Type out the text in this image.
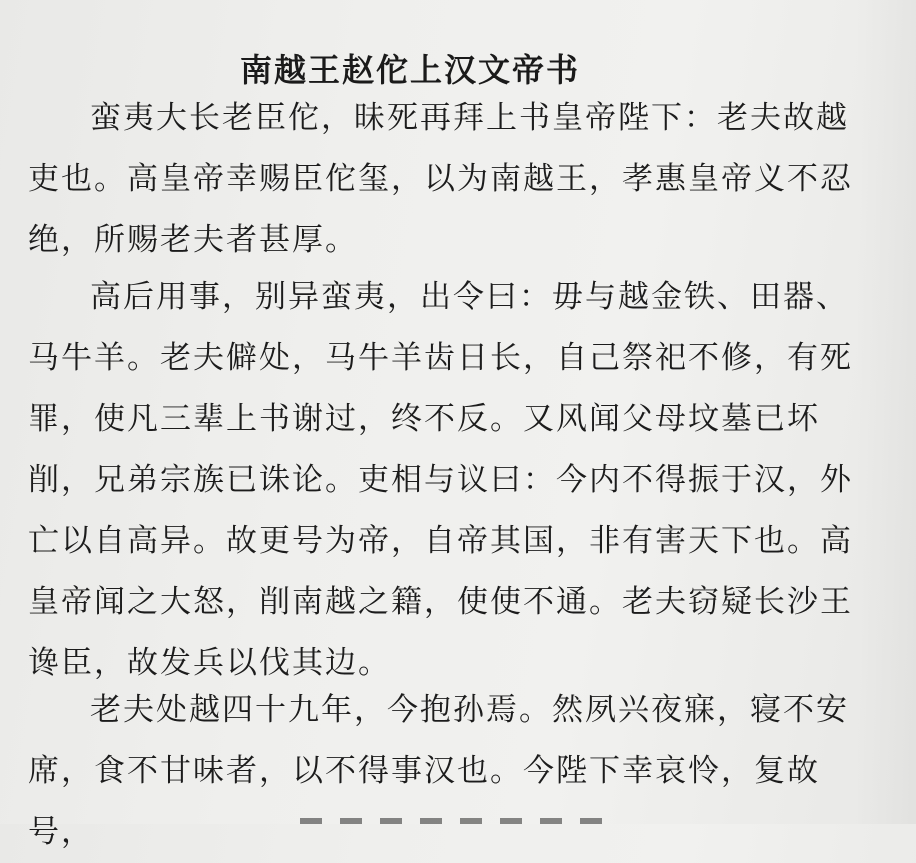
南越王赵佗上汉文帝书

蛮夷大长老臣佗，昧死再拜上书皇帝陛下：老夫故越吏也。高皇帝幸赐臣佗玺，以为南越王，孝惠皇帝义不忍绝，所赐老夫者甚厚。

高后用事，别异蛮夷，出令曰：毋与越金铁、田器、马牛羊。老夫僻处，马牛羊齿日长，自己祭祀不修，有死罪，使凡三辈上书谢过，终不反。又风闻父母坟墓已坏削，兄弟宗族已诛论。吏相与议曰：今内不得振于汉，外亡以自高异。故更号为帝，自帝其国，非有害天下也。高皇帝闻之大怒，削南越之籍，使使不通。老夫窃疑长沙王谗臣，故发兵以伐其边。

老夫处越四十九年，今抱孙焉。然夙兴夜寐，寝不安席，食不甘味者，以不得事汉也。今陛下幸哀怜，复故号，
